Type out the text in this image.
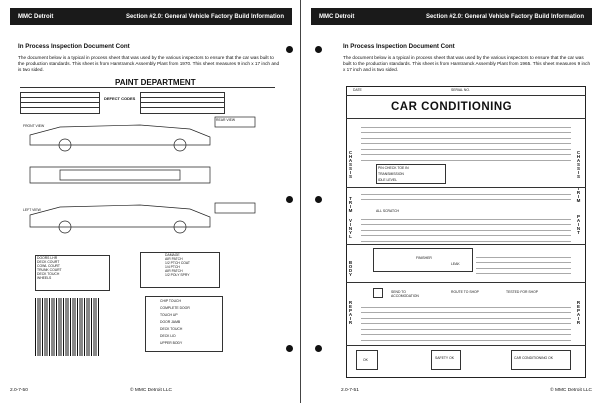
MMC Detroit	Section #2.0: General Vehicle Factory Build Information
In Process Inspection Document Cont
The document below is a typical in process sheet that was used by the various inspectors to ensure that the car was built to the production standards. This sheet is from Hamtramck Assembly Plant from 1970. This sheet measures 9 inch x 17 inch and is two sided.
PAINT DEPARTMENT
DEFECT CODES
FRONT VIEW
LEFT VIEW
REAR VIEW
DOORS LHR
DECK COURT
COWL COURT
TRUNK COURT
DECK TOUCH
WHEELS
DAMAGE
AIR PATCH
1/2 PTCH COAT
1/4 PTCH
AIR PATCH
1/2 POLY SPRY
CHIP TOUCH
COMPLETE DOOR
TOUCH UP
DOOR JAMB
DECK TOUCH
DECK LID
UPPER BODY
2.0-7-50	© MMC Detroit LLC
MMC Detroit	Section #2.0: General Vehicle Factory Build Information
In Process Inspection Document Cont
The document below is a typical in process sheet that was used by the various inspectors to ensure that the car was built to the production standards. This sheet is from Hamtramck Assembly Plant from 1965. This sheet measures 9 inch x 17 inch and is two sided.
DATE	SERIAL NO.
CAR CONDITIONING
CHASSIS
TRIM
VINYL
BODY
REPAIR
CHASSIS
TRIM
PAINT
REPAIR
PIN CHECK TOE IN
TRANSMISSION
IDLE LEVEL
ALL SCRATCH
FINISHER
LEAK
SEND TO ACCOMODATION
ROUTE TO SHOP	TESTED FOR SHOP
OK	SAFETY OK	CAR CONDITIONING OK
2.0-7-51	© MMC Detroit LLC
